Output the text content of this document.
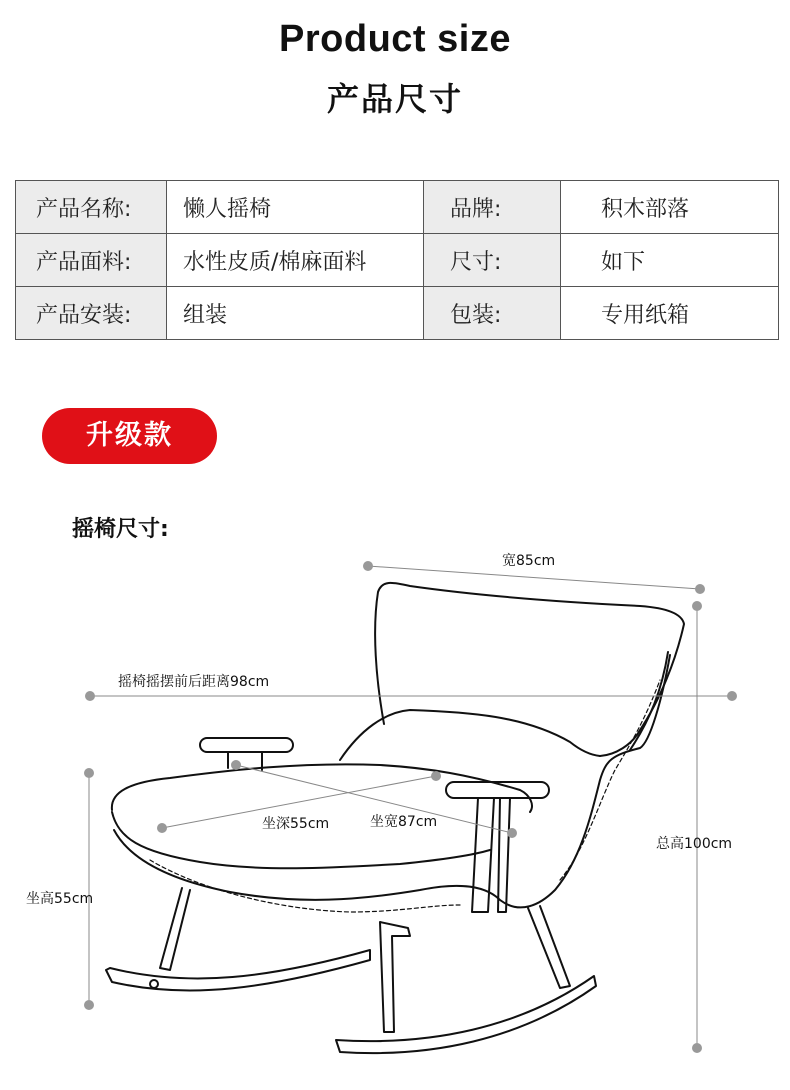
Product size
产品尺寸
产品名称:	懒人摇椅	品牌:	积木部落
产品面料:	水性皮质/棉麻面料	尺寸:	如下
产品安装:	组装	包装:	专用纸箱
升级款
摇椅尺寸:
宽85cm
摇椅摇摆前后距离98cm
坐深55cm	坐宽87cm
坐高55cm
总高100cm
